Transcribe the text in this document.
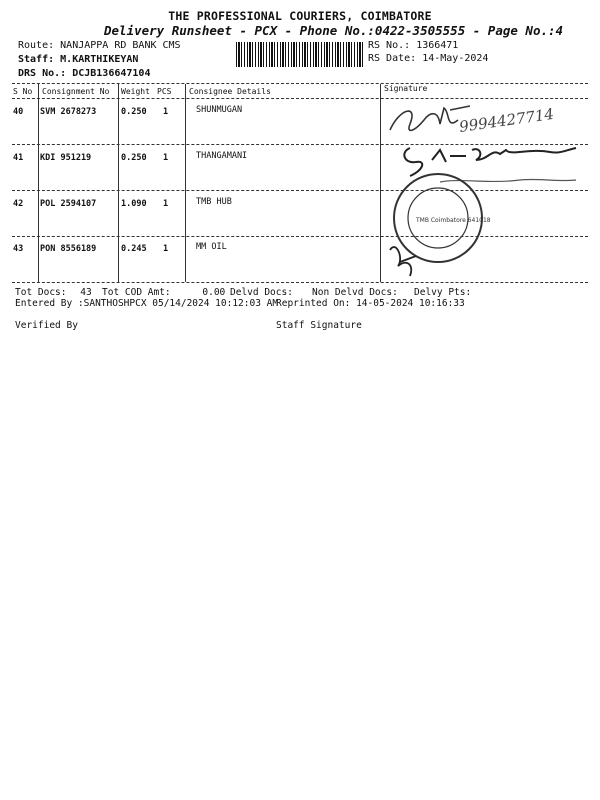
THE PROFESSIONAL COURIERS, COIMBATORE
Delivery Runsheet - PCX - Phone No.:0422-3505555 - Page No.:4
Route: NANJAPPA RD BANK CMS
Staff: M.KARTHIKEYAN
DRS No.: DCJB136647104
RS No.: 1366471
RS Date: 14-May-2024
S No Consignment No Weight PCS Consignee Details	Signature
40 SVM 2678273	0.250 1	SHUNMUGAN
41 KDI 951219	0.250 1	THANGAMANI
42 POL 2594107	1.090 1	TMB HUB
43 PON 8556189	0.245 1	MM OIL
9994427714
TMB Coimbatore 641018
Tot Docs: 43 Tot COD Amt:	0.00 Delvd Docs: Non Delvd Docs: Delvy Pts:
Entered By :SANTHOSHPCX 05/14/2024 10:12:03 AM
Reprinted On: 14-05-2024 10:16:33
Verified By	Staff Signature
